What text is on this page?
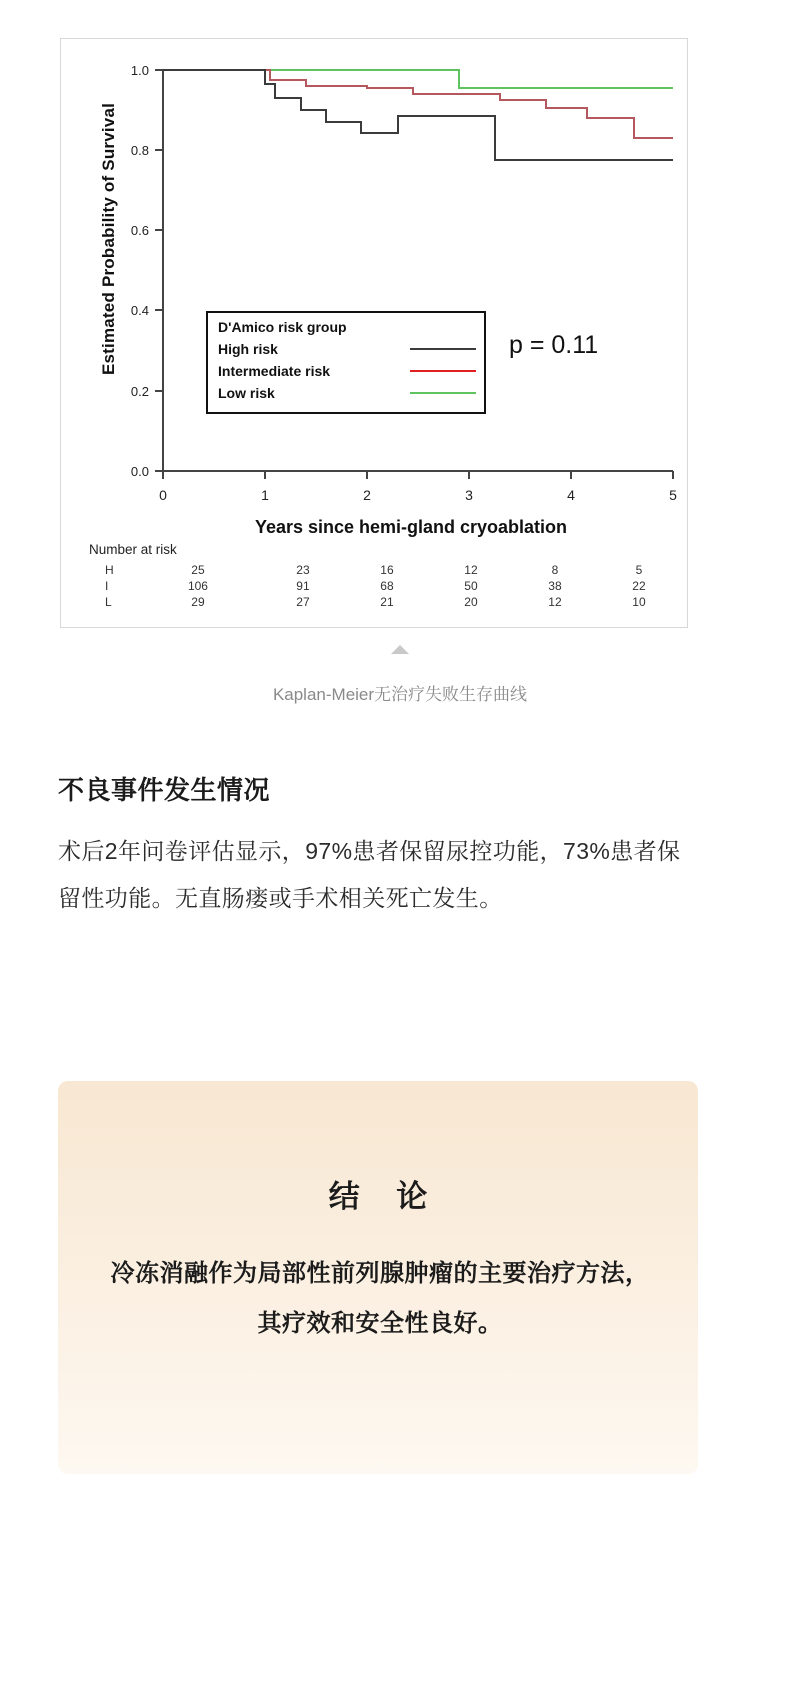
0.0
0.2
0.4
0.6
0.8
1.0
0	1	2	3	4	5
Estimated Probability of Survival
Years since hemi-gland cryoablation
D'Amico risk group
High risk
Intermediate risk
Low risk
p = 0.11
Number at risk
H	25	23	16	12	8	5
I	106	91	68	50	38	22
L	29	27	21	20	12	10
Kaplan-Meier无治疗失败生存曲线
不良事件发生情况
术后2年问卷评估显示，97%患者保留尿控功能，73%患者保留性功能。无直肠瘘或手术相关死亡发生。
结 论
冷冻消融作为局部性前列腺肿瘤的主要治疗方法，其疗效和安全性良好。
